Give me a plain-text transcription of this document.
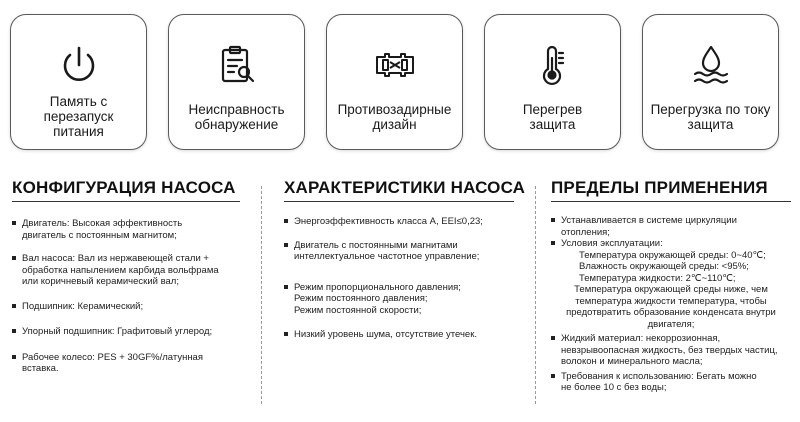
Память с
перезапуск
питания
Неисправность
обнаружение
Противозадирные
дизайн
Перегрев
защита
Перегрузка по току
защита
КОНФИГУРАЦИЯ НАСОСА
Двигатель: Высокая эффективность
двигатель с постоянным магнитом;
Вал насоса: Вал из нержавеющей стали +
обработка напылением карбида вольфрама
или коричневый керамический вал;
Подшипник: Керамический;
Упорный подшипник: Графитовый углерод;
Рабочее колесо: PES + 30GF%/латунная вставка.
ХАРАКТЕРИСТИКИ НАСОСА
Энергоэффективность класса A, EEI≤0,23;
Двигатель с постоянными магнитами
интеллектуальное частотное управление;
Режим пропорционального давления;
Режим постоянного давления;
Режим постоянной скорости;
Низкий уровень шума, отсутствие утечек.
ПРЕДЕЛЫ ПРИМЕНЕНИЯ
Устанавливается в системе циркуляции
отопления;
Условия эксплуатации:
Температура окружающей среды: 0~40℃;
Влажность окружающей среды: <95%;
Температура жидкости: 2℃~110℃;
Температура окружающей среды ниже, чем
температура жидкости температура, чтобы
предотвратить образование конденсата внутри
двигателя;
Жидкий материал: некоррозионная,
невзрывоопасная жидкость, без твердых частиц,
волокон и минерального масла;
Требования к использованию: Бегать можно
не более 10 с без воды;
